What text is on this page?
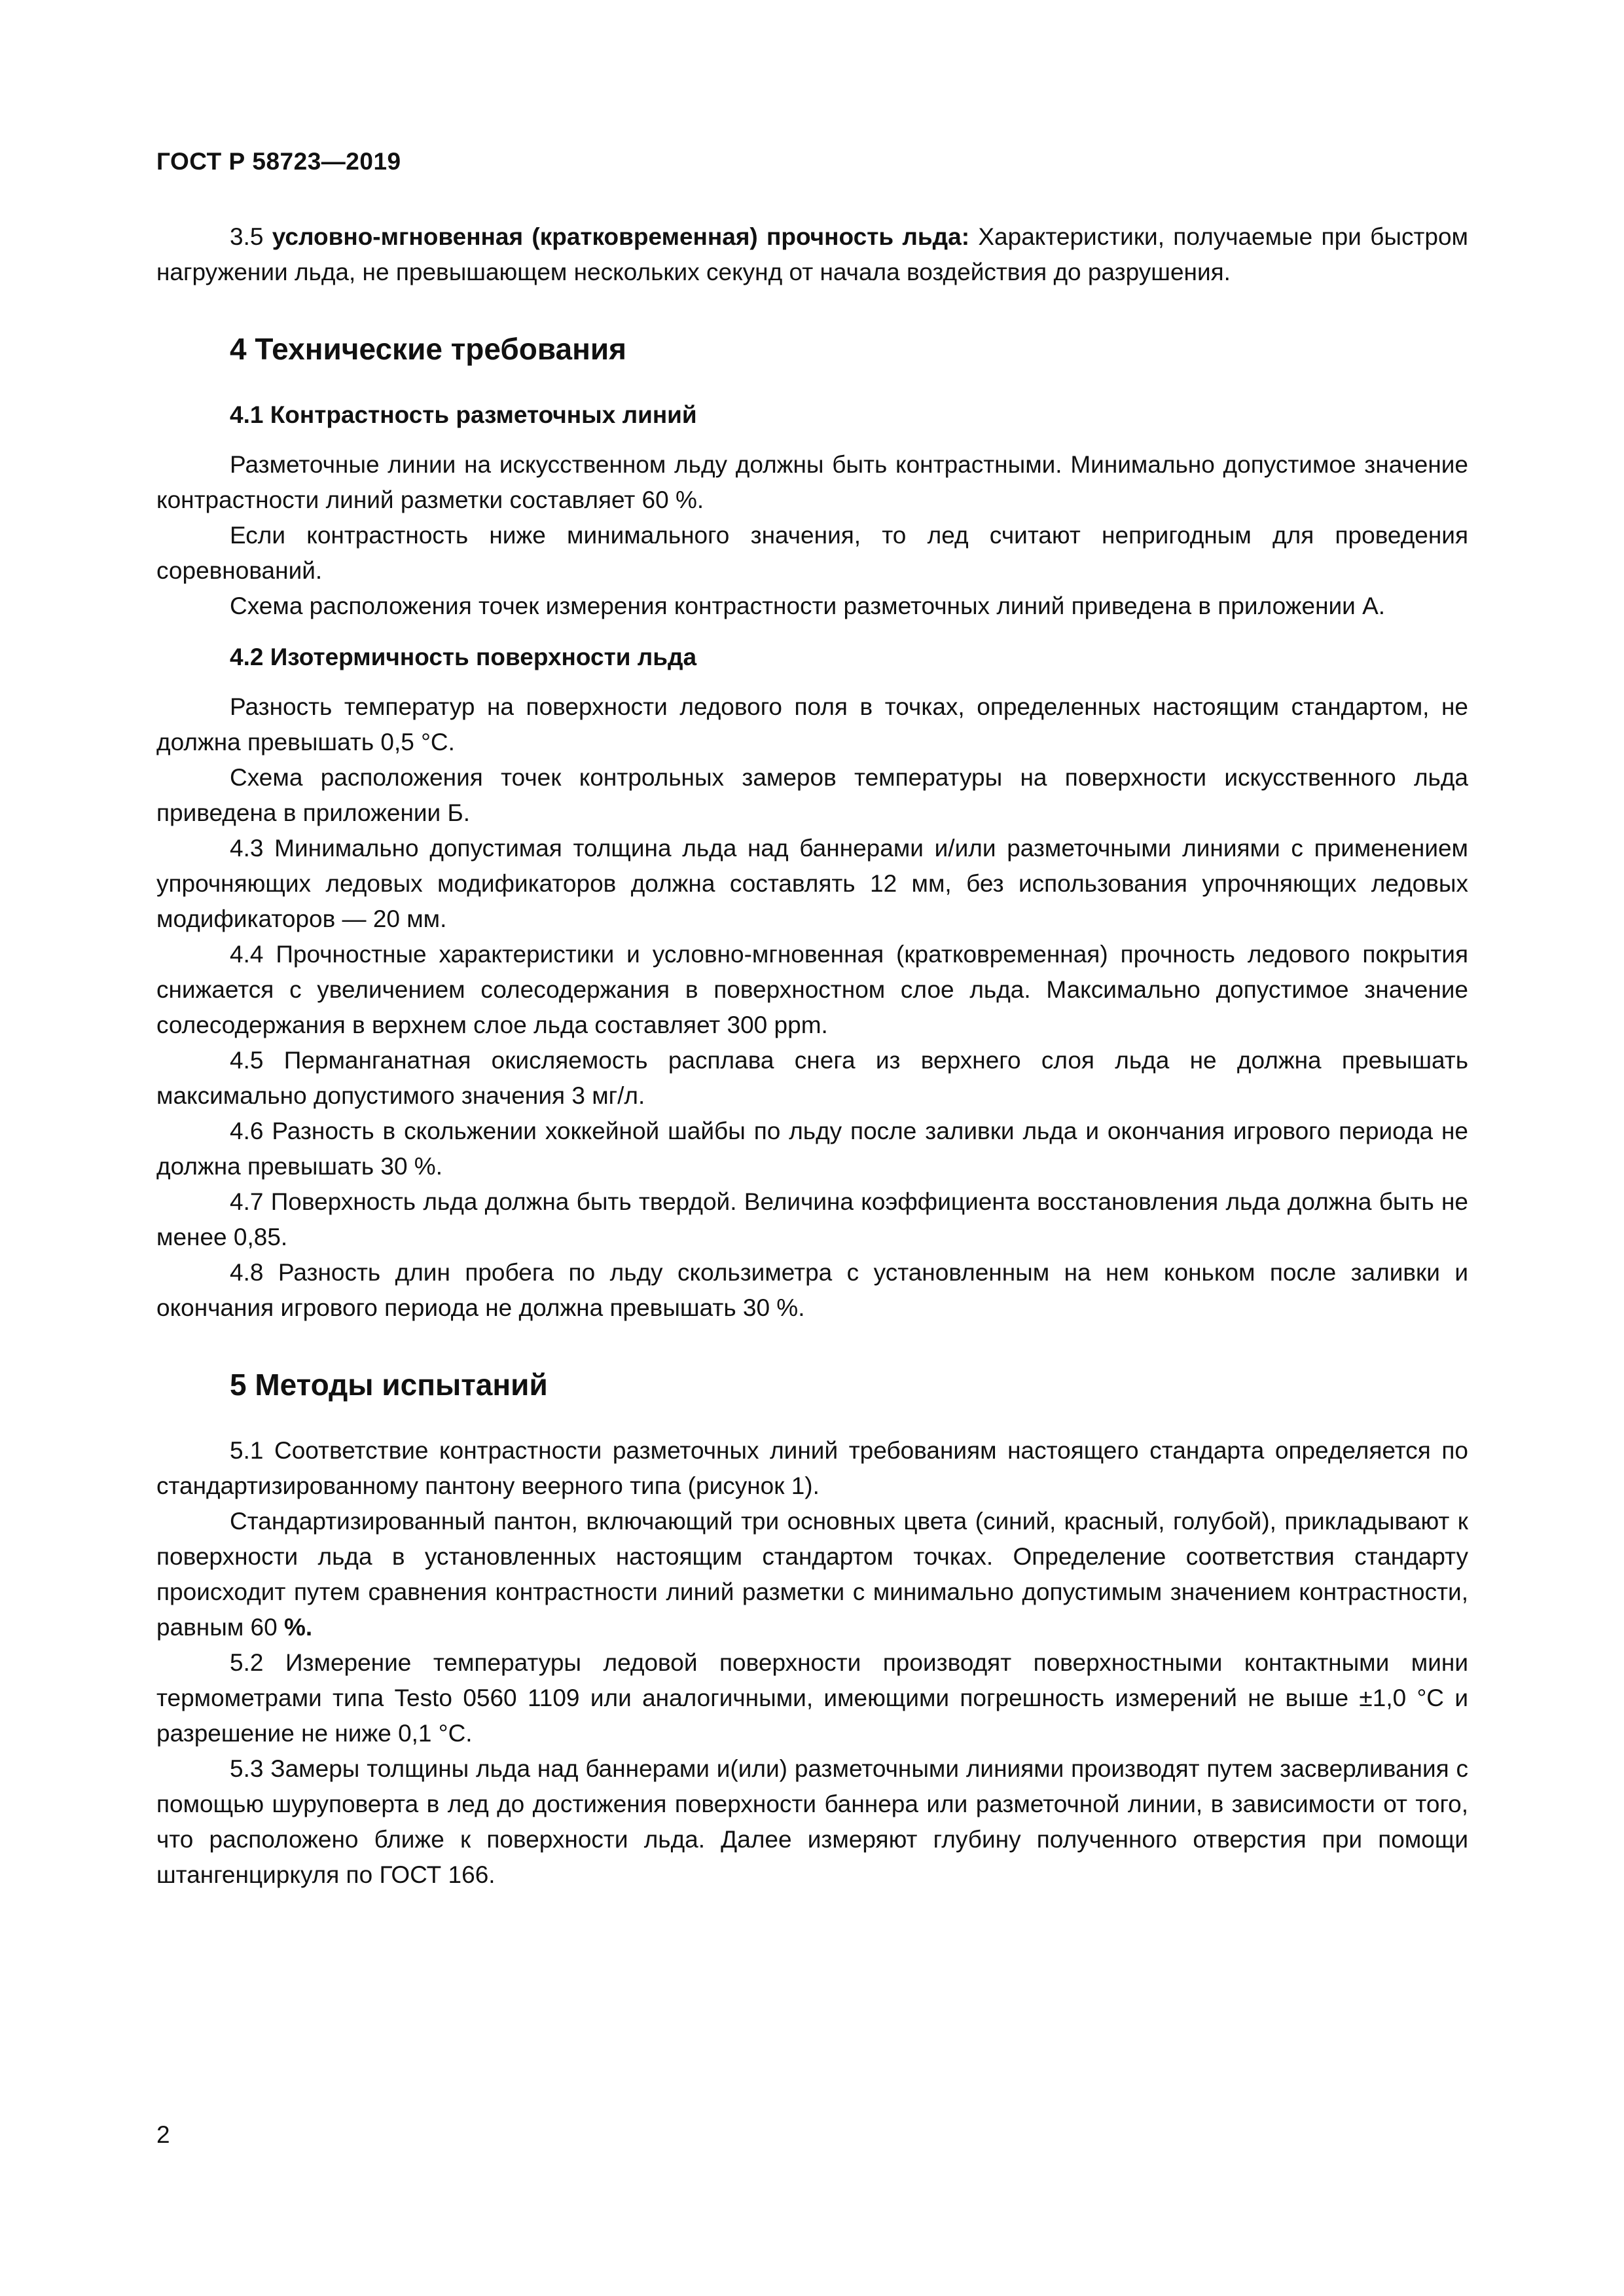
ГОСТ Р 58723—2019

3.5 условно-мгновенная (кратковременная) прочность льда: Характеристики, получаемые при быстром нагружении льда, не превышающем нескольких секунд от начала воздействия до разрушения.

4 Технические требования
4.1 Контрастность разметочных линий

Разметочные линии на искусственном льду должны быть контрастными. Минимально допустимое значение контрастности линий разметки составляет 60 %.

Если контрастность ниже минимального значения, то лед считают непригодным для проведения соревнований.

Схема расположения точек измерения контрастности разметочных линий приведена в приложении А.

4.2 Изотермичность поверхности льда

Разность температур на поверхности ледового поля в точках, определенных настоящим стандартом, не должна превышать 0,5 °С.

Схема расположения точек контрольных замеров температуры на поверхности искусственного льда приведена в приложении Б.

4.3 Минимально допустимая толщина льда над баннерами и/или разметочными линиями с применением упрочняющих ледовых модификаторов должна составлять 12 мм, без использования упрочняющих ледовых модификаторов — 20 мм.

4.4 Прочностные характеристики и условно-мгновенная (кратковременная) прочность ледового покрытия снижается с увеличением солесодержания в поверхностном слое льда. Максимально допустимое значение солесодержания в верхнем слое льда составляет 300 ppm.

4.5 Перманганатная окисляемость расплава снега из верхнего слоя льда не должна превышать максимально допустимого значения 3 мг/л.

4.6 Разность в скольжении хоккейной шайбы по льду после заливки льда и окончания игрового периода не должна превышать 30 %.

4.7 Поверхность льда должна быть твердой. Величина коэффициента восстановления льда должна быть не менее 0,85.

4.8 Разность длин пробега по льду скользиметра с установленным на нем коньком после заливки и окончания игрового периода не должна превышать 30 %.

5 Методы испытаний

5.1 Соответствие контрастности разметочных линий требованиям настоящего стандарта определяется по стандартизированному пантону веерного типа (рисунок 1).

Стандартизированный пантон, включающий три основных цвета (синий, красный, голубой), прикладывают к поверхности льда в установленных настоящим стандартом точках. Определение соответствия стандарту происходит путем сравнения контрастности линий разметки с минимально допустимым значением контрастности, равным 60 %.

5.2 Измерение температуры ледовой поверхности производят поверхностными контактными мини термометрами типа Testo 0560 1109 или аналогичными, имеющими погрешность измерений не выше ±1,0 °С и разрешение не ниже 0,1 °С.

5.3 Замеры толщины льда над баннерами и(или) разметочными линиями производят путем засверливания с помощью шуруповерта в лед до достижения поверхности баннера или разметочной линии, в зависимости от того, что расположено ближе к поверхности льда. Далее измеряют глубину полученного отверстия при помощи штангенциркуля по ГОСТ 166.

2
